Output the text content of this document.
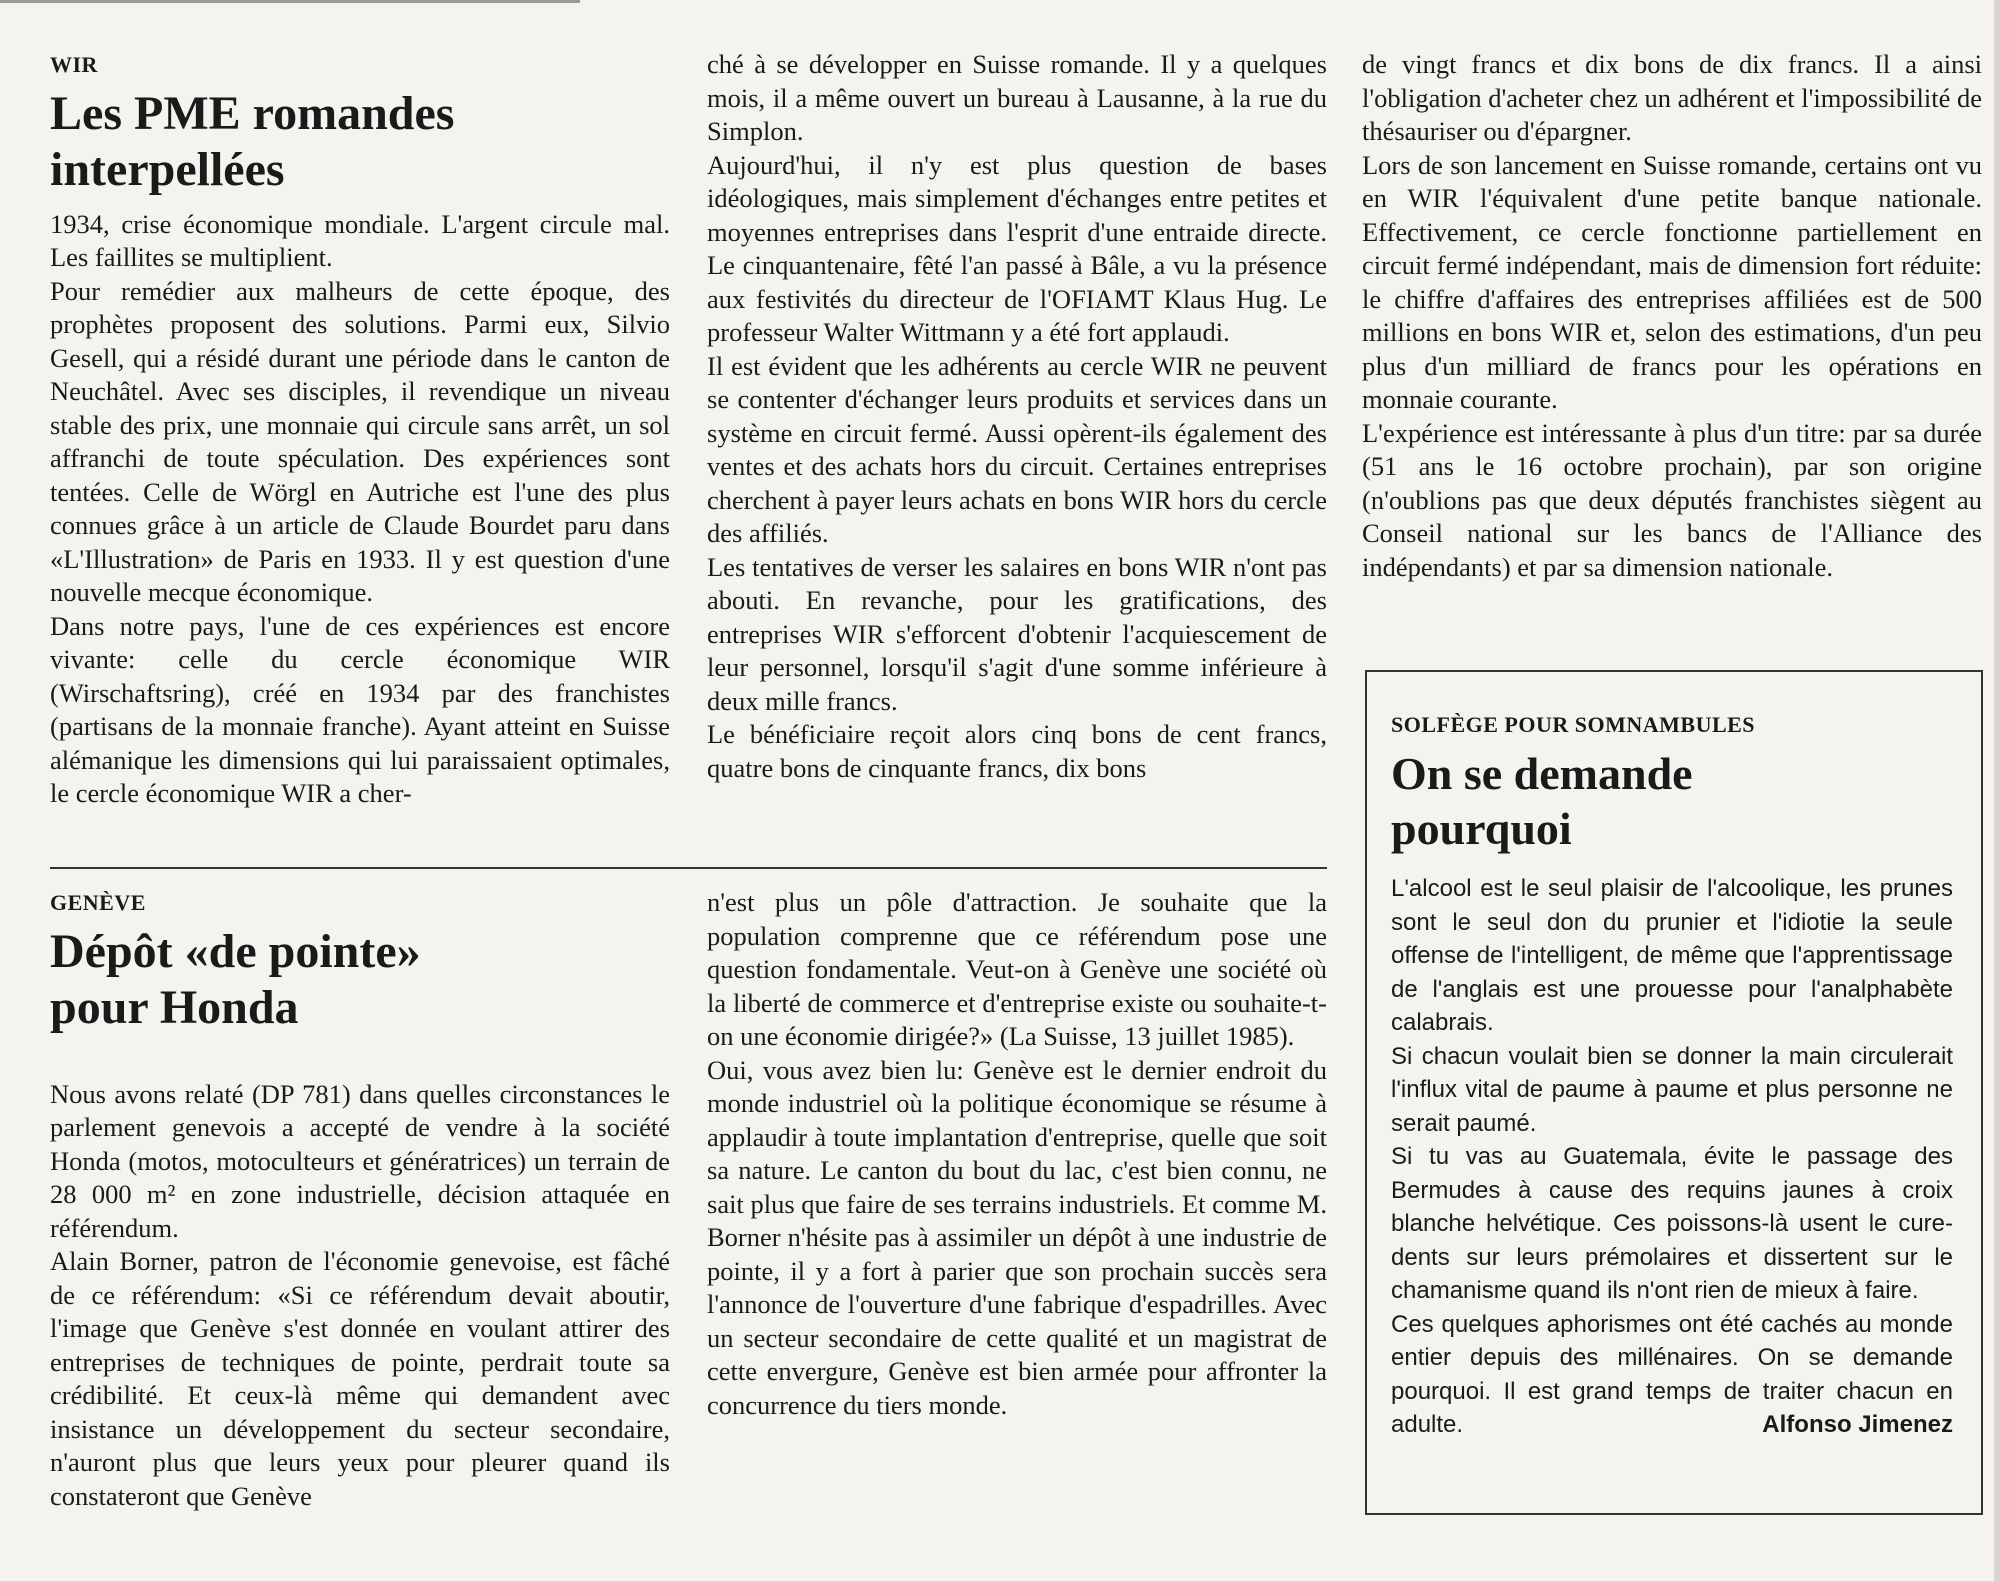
WIR
Les PME romandes interpellées

1934, crise économique mondiale. L'argent circule mal. Les faillites se multiplient.

Pour remédier aux malheurs de cette époque, des prophètes proposent des solutions. Parmi eux, Silvio Gesell, qui a résidé durant une période dans le canton de Neuchâtel. Avec ses disciples, il revendique un niveau stable des prix, une monnaie qui circule sans arrêt, un sol affranchi de toute spéculation. Des expériences sont tentées. Celle de Wörgl en Autriche est l'une des plus connues grâce à un article de Claude Bourdet paru dans «L'Illustration» de Paris en 1933. Il y est question d'une nouvelle mecque économique.

Dans notre pays, l'une de ces expériences est encore vivante: celle du cercle économique WIR (Wirschaftsring), créé en 1934 par des franchistes (partisans de la monnaie franche). Ayant atteint en Suisse alémanique les dimensions qui lui paraissaient optimales, le cercle économique WIR a cher-

ché à se développer en Suisse romande. Il y a quelques mois, il a même ouvert un bureau à Lausanne, à la rue du Simplon.

Aujourd'hui, il n'y est plus question de bases idéologiques, mais simplement d'échanges entre petites et moyennes entreprises dans l'esprit d'une entraide directe. Le cinquantenaire, fêté l'an passé à Bâle, a vu la présence aux festivités du directeur de l'OFIAMT Klaus Hug. Le professeur Walter Wittmann y a été fort applaudi.

Il est évident que les adhérents au cercle WIR ne peuvent se contenter d'échanger leurs produits et services dans un système en circuit fermé. Aussi opèrent-ils également des ventes et des achats hors du circuit. Certaines entreprises cherchent à payer leurs achats en bons WIR hors du cercle des affiliés.

Les tentatives de verser les salaires en bons WIR n'ont pas abouti. En revanche, pour les gratifications, des entreprises WIR s'efforcent d'obtenir l'acquiescement de leur personnel, lorsqu'il s'agit d'une somme inférieure à deux mille francs.

Le bénéficiaire reçoit alors cinq bons de cent francs, quatre bons de cinquante francs, dix bons

de vingt francs et dix bons de dix francs. Il a ainsi l'obligation d'acheter chez un adhérent et l'impossibilité de thésauriser ou d'épargner.

Lors de son lancement en Suisse romande, certains ont vu en WIR l'équivalent d'une petite banque nationale. Effectivement, ce cercle fonctionne partiellement en circuit fermé indépendant, mais de dimension fort réduite: le chiffre d'affaires des entreprises affiliées est de 500 millions en bons WIR et, selon des estimations, d'un peu plus d'un milliard de francs pour les opérations en monnaie courante.

L'expérience est intéressante à plus d'un titre: par sa durée (51 ans le 16 octobre prochain), par son origine (n'oublions pas que deux députés franchistes siègent au Conseil national sur les bancs de l'Alliance des indépendants) et par sa dimension nationale.

GENÈVE
Dépôt «de pointe» pour Honda

Nous avons relaté (DP 781) dans quelles circonstances le parlement genevois a accepté de vendre à la société Honda (motos, motoculteurs et génératrices) un terrain de 28 000 m² en zone industrielle, décision attaquée en référendum.

Alain Borner, patron de l'économie genevoise, est fâché de ce référendum: «Si ce référendum devait aboutir, l'image que Genève s'est donnée en voulant attirer des entreprises de techniques de pointe, perdrait toute sa crédibilité. Et ceux-là même qui demandent avec insistance un développement du secteur secondaire, n'auront plus que leurs yeux pour pleurer quand ils constateront que Genève

n'est plus un pôle d'attraction. Je souhaite que la population comprenne que ce référendum pose une question fondamentale. Veut-on à Genève une société où la liberté de commerce et d'entreprise existe ou souhaite-t-on une économie dirigée?» (La Suisse, 13 juillet 1985).

Oui, vous avez bien lu: Genève est le dernier endroit du monde industriel où la politique économique se résume à applaudir à toute implantation d'entreprise, quelle que soit sa nature. Le canton du bout du lac, c'est bien connu, ne sait plus que faire de ses terrains industriels. Et comme M. Borner n'hésite pas à assimiler un dépôt à une industrie de pointe, il y a fort à parier que son prochain succès sera l'annonce de l'ouverture d'une fabrique d'espadrilles. Avec un secteur secondaire de cette qualité et un magistrat de cette envergure, Genève est bien armée pour affronter la concurrence du tiers monde.

SOLFÈGE POUR SOMNAMBULES
On se demande pourquoi

L'alcool est le seul plaisir de l'alcoolique, les prunes sont le seul don du prunier et l'idiotie la seule offense de l'intelligent, de même que l'apprentissage de l'anglais est une prouesse pour l'analphabète calabrais.

Si chacun voulait bien se donner la main circulerait l'influx vital de paume à paume et plus personne ne serait paumé.

Si tu vas au Guatemala, évite le passage des Bermudes à cause des requins jaunes à croix blanche helvétique. Ces poissons-là usent le cure-dents sur leurs prémolaires et dissertent sur le chamanisme quand ils n'ont rien de mieux à faire.

Ces quelques aphorismes ont été cachés au monde entier depuis des millénaires. On se demande pourquoi. Il est grand temps de traiter chacun en adulte.	Alfonso Jimenez
